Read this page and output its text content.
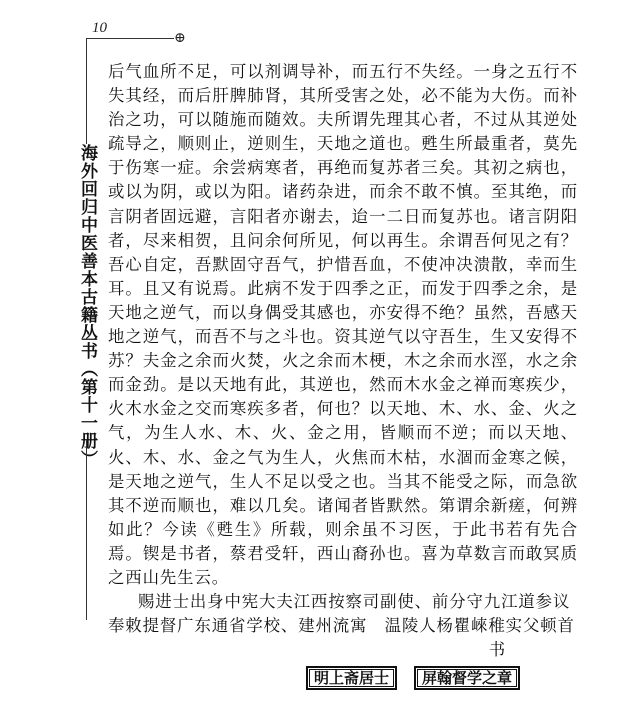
10
⊕
海外回归中医善本古籍丛书（第十一册）

后气血所不足，可以剂调导补，而五行不失经。一身之五行不失其经，而后肝脾肺肾，其所受害之处，必不能为大伤。而补治之功，可以随施而随效。夫所谓先理其心者，不过从其逆处疏导之，顺则止，逆则生，天地之道也。甦生所最重者，莫先于伤寒一症。余尝病寒者，再绝而复苏者三矣。其初之病也，或以为阴，或以为阳。诸药杂进，而余不敢不慎。至其绝，而言阴者固远避，言阳者亦谢去，迨一二日而复苏也。诸言阴阳者，尽来相贺，且问余何所见，何以再生。余谓吾何见之有？吾心自定，吾默固守吾气，护惜吾血，不使冲决溃散，幸而生耳。且又有说焉。此病不发于四季之正，而发于四季之余，是天地之逆气，而以身偶受其感也，亦安得不绝？虽然，吾感天地之逆气，而吾不与之斗也。资其逆气以守吾生，生又安得不苏？夫金之余而火焚，火之余而木梗，木之余而水涇，水之余而金劲。是以天地有此，其逆也，然而木水金之禅而寒疾少，火木水金之交而寒疾多者，何也？以天地、木、水、金、火之气，为生人水、木、火、金之用，皆顺而不逆；而以天地、火、木、水、金之气为生人，火焦而木枯，水涸而金寒之候，是天地之逆气，生人不足以受之也。当其不能受之际，而急欲其不逆而顺也，难以几矣。诸闻者皆默然。第谓余新瘥，何辨如此？今读《甦生》所载，则余虽不习医，于此书若有先合焉。锲是书者，蔡君受轩，西山裔孙也。喜为草数言而敢冥质之西山先生云。

赐进士出身中宪大夫江西按察司副使、前分守九江道参议
奉敕提督广东通省学校、建州流寓　温陵人杨瞿崍稚实父顿首
书
明上斋居士	屏翰督学之章
